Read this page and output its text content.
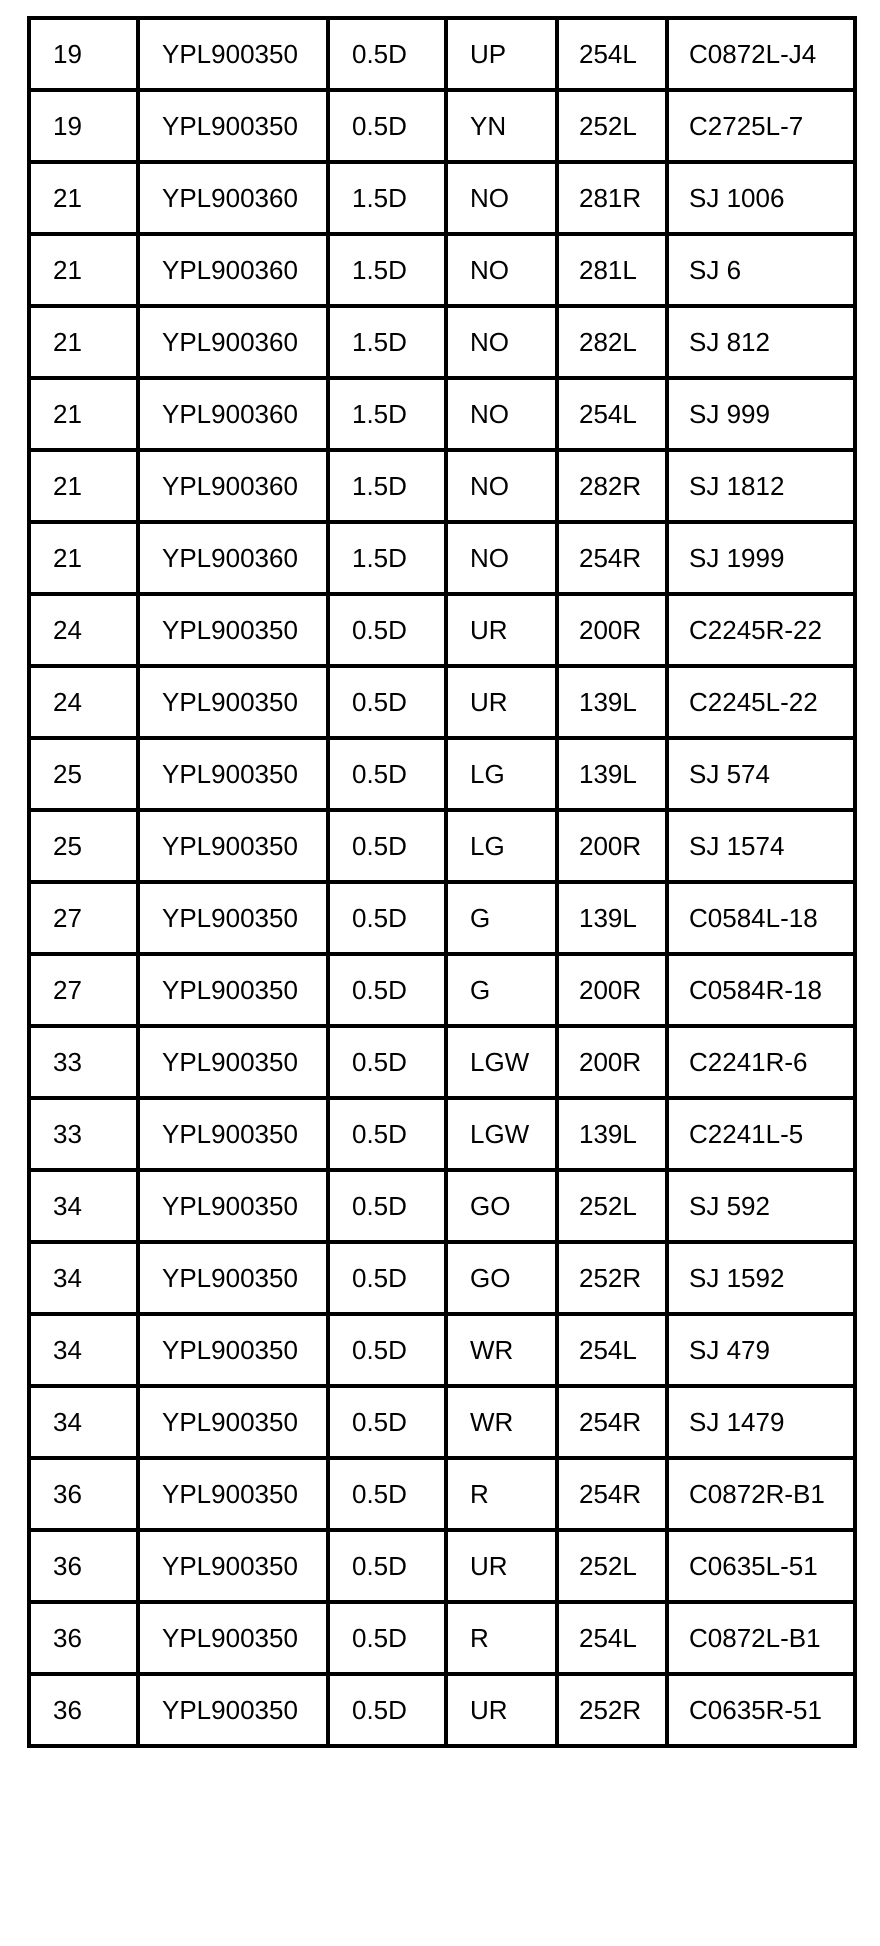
19	YPL900350	0.5D	UP	254L	C0872L-J4
19	YPL900350	0.5D	YN	252L	C2725L-7
21	YPL900360	1.5D	NO	281R	SJ 1006
21	YPL900360	1.5D	NO	281L	SJ 6
21	YPL900360	1.5D	NO	282L	SJ 812
21	YPL900360	1.5D	NO	254L	SJ 999
21	YPL900360	1.5D	NO	282R	SJ 1812
21	YPL900360	1.5D	NO	254R	SJ 1999
24	YPL900350	0.5D	UR	200R	C2245R-22
24	YPL900350	0.5D	UR	139L	C2245L-22
25	YPL900350	0.5D	LG	139L	SJ 574
25	YPL900350	0.5D	LG	200R	SJ 1574
27	YPL900350	0.5D	G	139L	C0584L-18
27	YPL900350	0.5D	G	200R	C0584R-18
33	YPL900350	0.5D	LGW	200R	C2241R-6
33	YPL900350	0.5D	LGW	139L	C2241L-5
34	YPL900350	0.5D	GO	252L	SJ 592
34	YPL900350	0.5D	GO	252R	SJ 1592
34	YPL900350	0.5D	WR	254L	SJ 479
34	YPL900350	0.5D	WR	254R	SJ 1479
36	YPL900350	0.5D	R	254R	C0872R-B1
36	YPL900350	0.5D	UR	252L	C0635L-51
36	YPL900350	0.5D	R	254L	C0872L-B1
36	YPL900350	0.5D	UR	252R	C0635R-51
